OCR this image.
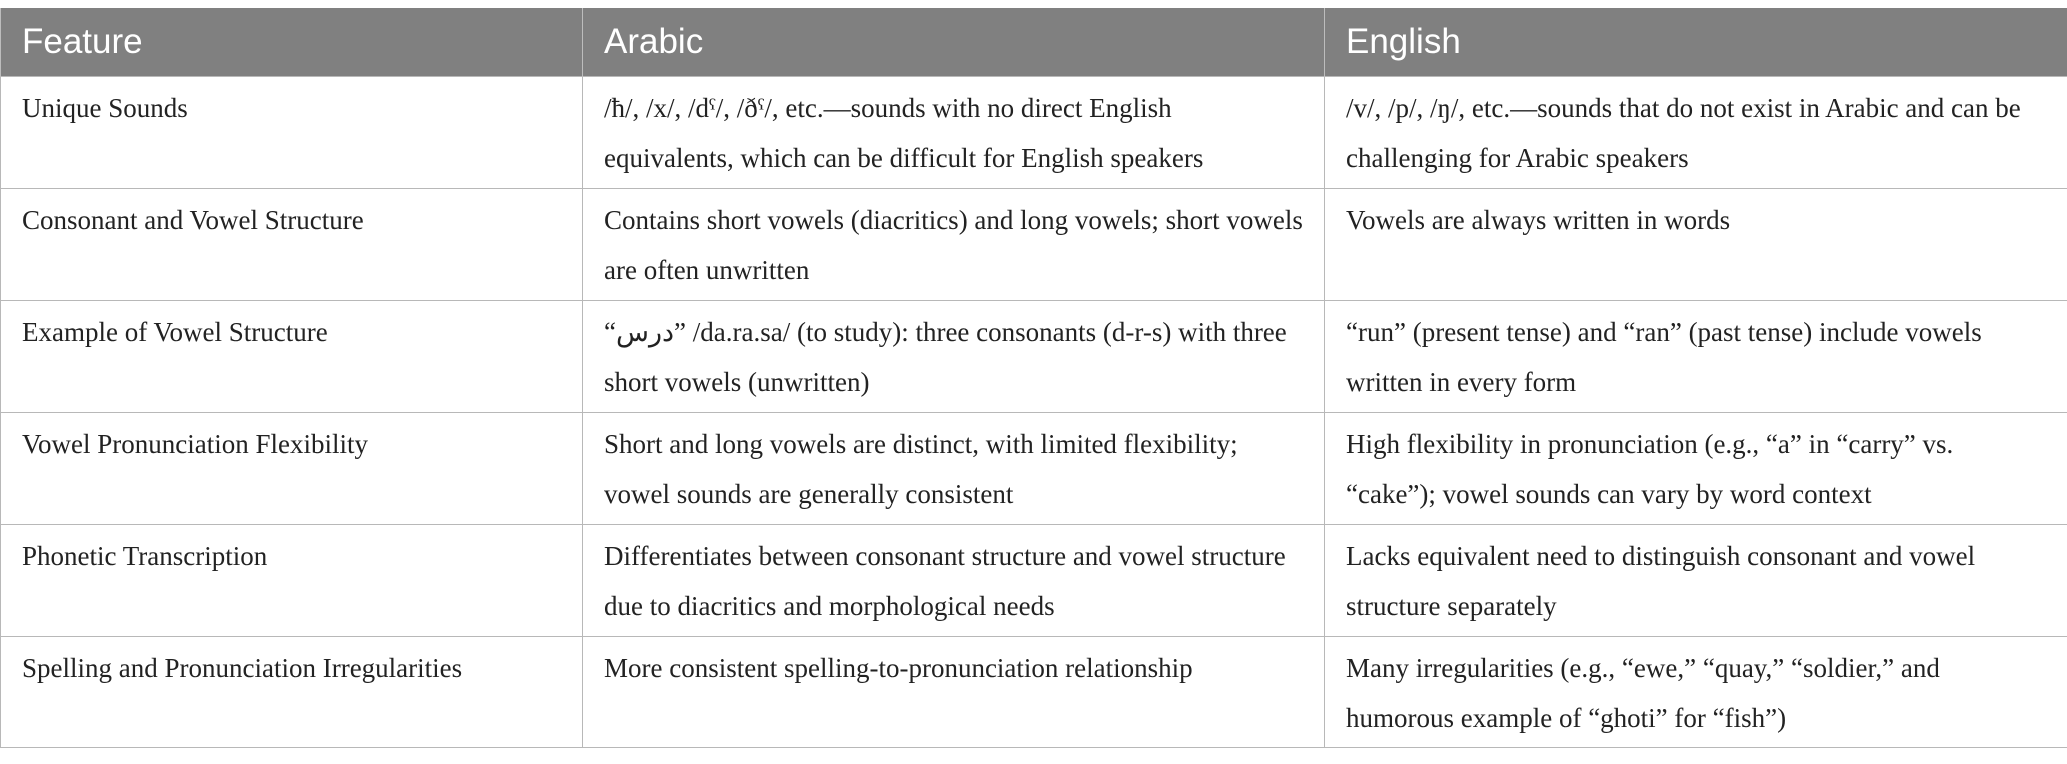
Feature	Arabic	English
Unique Sounds	/ħ/, /x/, /dˤ/, /ðˤ/, etc.—sounds with no direct English equivalents, which can be difficult for English speakers	/v/, /p/, /ŋ/, etc.—sounds that do not exist in Arabic and can be challenging for Arabic speakers
Consonant and Vowel Structure	Contains short vowels (diacritics) and long vowels; short vowels are often unwritten	Vowels are always written in words
Example of Vowel Structure	“درس” /da.ra.sa/ (to study): three consonants (d-r-s) with three short vowels (unwritten)	“run” (present tense) and “ran” (past tense) include vowels written in every form
Vowel Pronunciation Flexibility	Short and long vowels are distinct, with limited flexibility; vowel sounds are generally consistent	High flexibility in pronunciation (e.g., “a” in “carry” vs. “cake”); vowel sounds can vary by word context
Phonetic Transcription	Differentiates between consonant structure and vowel structure due to diacritics and morphological needs	Lacks equivalent need to distinguish consonant and vowel structure separately
Spelling and Pronunciation Irregularities	More consistent spelling-to-pronunciation relationship	Many irregularities (e.g., “ewe,” “quay,” “soldier,” and humorous example of “ghoti” for “fish”)
